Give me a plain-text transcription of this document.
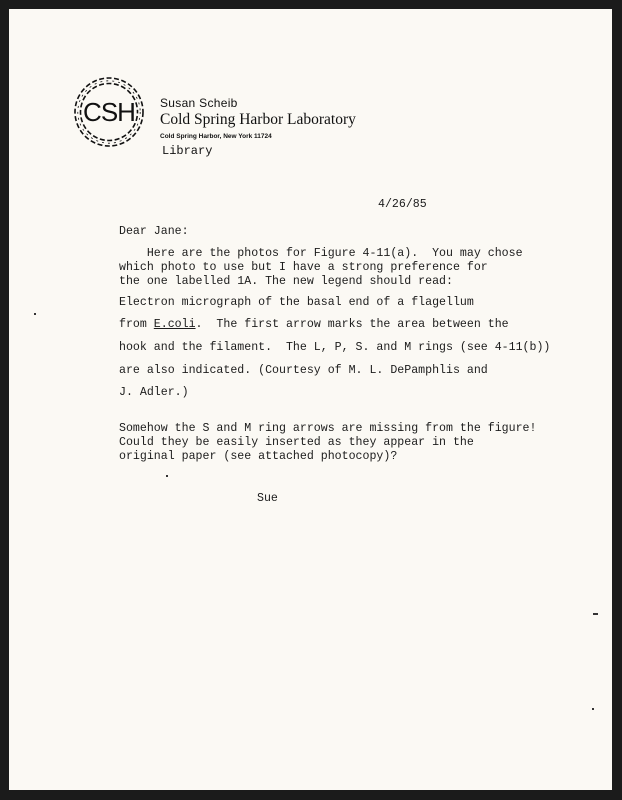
CSH	Susan Scheib
Cold Spring Harbor Laboratory
Cold Spring Harbor, New York 11724
Library
4/26/85
Dear Jane:
Here are the photos for Figure 4-11(a).  You may chose
which photo to use but I have a strong preference for
the one labelled 1A. The new legend should read:
Electron micrograph of the basal end of a flagellum
from E.coli.  The first arrow marks the area between the
hook and the filament.  The L, P, S. and M rings (see 4-11(b))
are also indicated. (Courtesy of M. L. DePamphlis and
J. Adler.)
Somehow the S and M ring arrows are missing from the figure!
Could they be easily inserted as they appear in the
original paper (see attached photocopy)?
Sue
